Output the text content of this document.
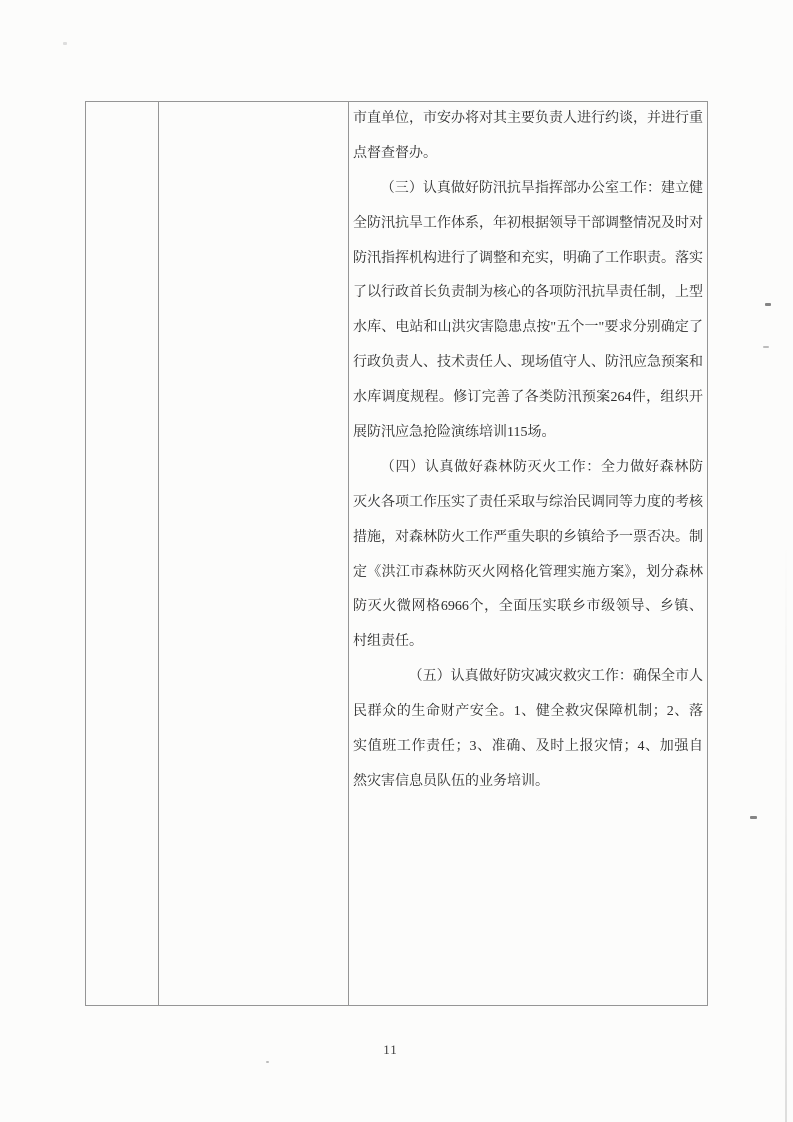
市直单位，市安办将对其主要负责人进行约谈，并进行重
点督查督办。
（三）认真做好防汛抗旱指挥部办公室工作：建立健
全防汛抗旱工作体系，年初根据领导干部调整情况及时对
防汛指挥机构进行了调整和充实，明确了工作职责。落实
了以行政首长负责制为核心的各项防汛抗旱责任制，上型
水库、电站和山洪灾害隐患点按"五个一"要求分别确定了
行政负责人、技术责任人、现场值守人、防汛应急预案和
水库调度规程。修订完善了各类防汛预案264件，组织开
展防汛应急抢险演练培训115场。
（四）认真做好森林防灭火工作：全力做好森林防
灭火各项工作压实了责任采取与综治民调同等力度的考核
措施，对森林防火工作严重失职的乡镇给予一票否决。制
定《洪江市森林防灭火网格化管理实施方案》，划分森林
防灭火微网格6966个，全面压实联乡市级领导、乡镇、
村组责任。
（五）认真做好防灾减灾救灾工作：确保全市人
民群众的生命财产安全。1、健全救灾保障机制；2、落
实值班工作责任；3、准确、及时上报灾情；4、加强自
然灾害信息员队伍的业务培训。
11
